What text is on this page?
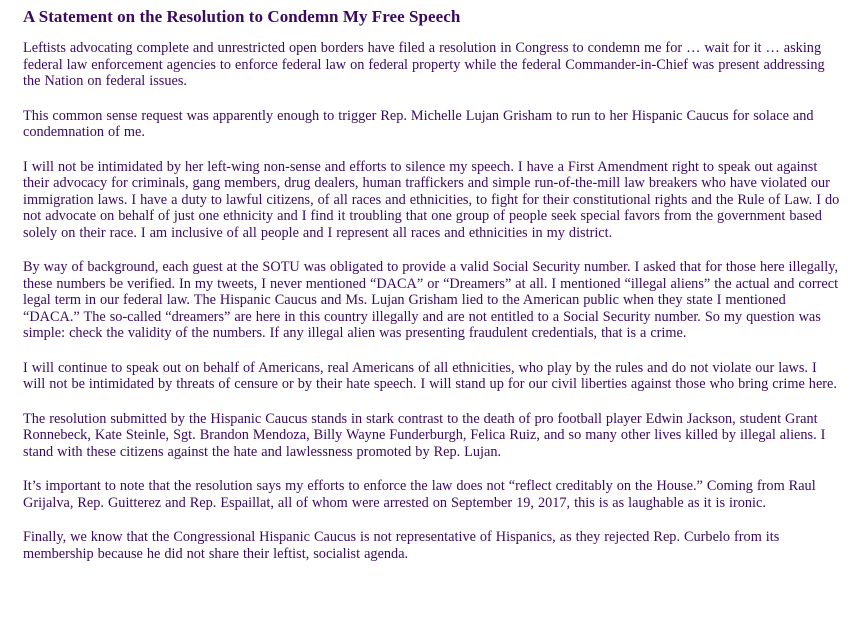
A Statement on the Resolution to Condemn My Free Speech

Leftists advocating complete and unrestricted open borders have filed a resolution in Congress to condemn me for … wait for it … asking federal law enforcement agencies to enforce federal law on federal property while the federal Commander-in-Chief was present addressing the Nation on federal issues.

This common sense request was apparently enough to trigger Rep. Michelle Lujan Grisham to run to her Hispanic Caucus for solace and condemnation of me.

I will not be intimidated by her left-wing non-sense and efforts to silence my speech. I have a First Amendment right to speak out against their advocacy for criminals, gang members, drug dealers, human traffickers and simple run-of-the-mill law breakers who have violated our immigration laws. I have a duty to lawful citizens, of all races and ethnicities, to fight for their constitutional rights and the Rule of Law. I do not advocate on behalf of just one ethnicity and I find it troubling that one group of people seek special favors from the government based solely on their race. I am inclusive of all people and I represent all races and ethnicities in my district.

By way of background, each guest at the SOTU was obligated to provide a valid Social Security number. I asked that for those here illegally, these numbers be verified. In my tweets, I never mentioned “DACA” or “Dreamers” at all. I mentioned “illegal aliens” the actual and correct legal term in our federal law. The Hispanic Caucus and Ms. Lujan Grisham lied to the American public when they state I mentioned “DACA.” The so-called “dreamers” are here in this country illegally and are not entitled to a Social Security number. So my question was simple: check the validity of the numbers. If any illegal alien was presenting fraudulent credentials, that is a crime.

I will continue to speak out on behalf of Americans, real Americans of all ethnicities, who play by the rules and do not violate our laws. I will not be intimidated by threats of censure or by their hate speech. I will stand up for our civil liberties against those who bring crime here.

The resolution submitted by the Hispanic Caucus stands in stark contrast to the death of pro football player Edwin Jackson, student Grant Ronnebeck, Kate Steinle, Sgt. Brandon Mendoza, Billy Wayne Funderburgh, Felica Ruiz, and so many other lives killed by illegal aliens. I stand with these citizens against the hate and lawlessness promoted by Rep. Lujan.

It’s important to note that the resolution says my efforts to enforce the law does not “reflect creditably on the House.” Coming from Raul Grijalva, Rep. Guitterez and Rep. Espaillat, all of whom were arrested on September 19, 2017, this is as laughable as it is ironic.

Finally, we know that the Congressional Hispanic Caucus is not representative of Hispanics, as they rejected Rep. Curbelo from its membership because he did not share their leftist, socialist agenda.
